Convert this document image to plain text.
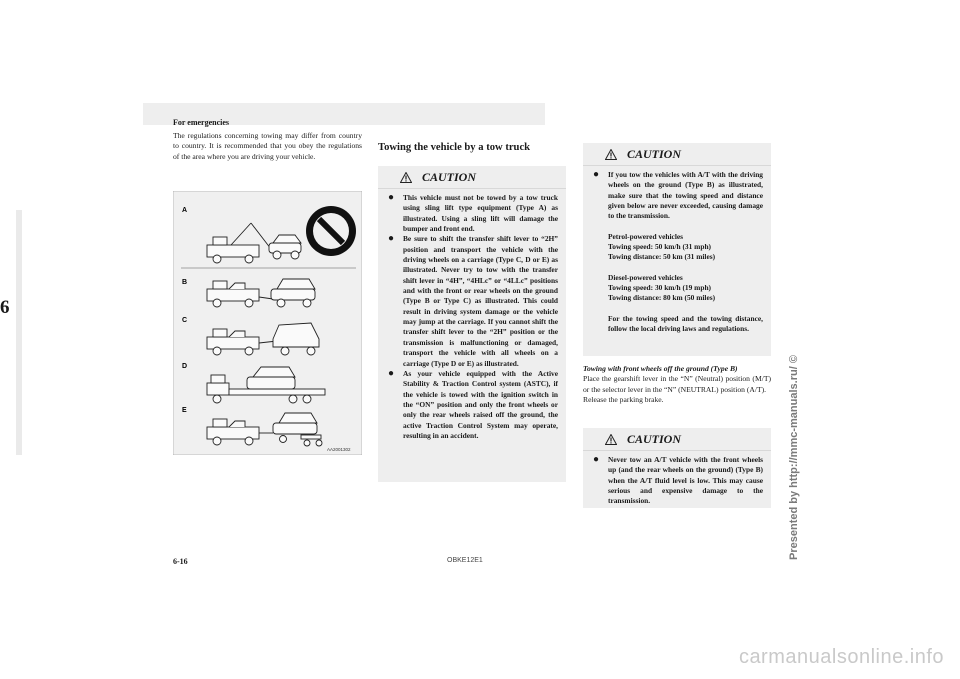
For emergencies
The regulations concerning towing may differ from country to country. It is recommended that you obey the regulations of the area where you are driving your vehicle.
A
B
C
D
E
AA2001302
Towing the vehicle by a tow truck
CAUTION
● This vehicle must not be towed by a tow truck using sling lift type equipment (Type A) as illustrated. Using a sling lift will damage the bumper and front end.
● Be sure to shift the transfer shift lever to “2H” position and transport the vehicle with the driving wheels on a carriage (Type C, D or E) as illustrated. Never try to tow with the transfer shift lever in “4H”, “4HLc” or “4LLc” positions and with the front or rear wheels on the ground (Type B or Type C) as illustrated. This could result in driving system damage or the vehicle may jump at the carriage. If you cannot shift the transfer shift lever to the “2H” position or the transmission is malfunctioning or damaged, transport the vehicle with all wheels on a carriage (Type D or E) as illustrated.
● As your vehicle equipped with the Active Stability & Traction Control system (ASTC), if the vehicle is towed with the ignition switch in the “ON” position and only the front wheels or only the rear wheels raised off the ground, the active Traction Control System may operate, resulting in an accident.
CAUTION
● If you tow the vehicles with A/T with the driving wheels on the ground (Type B) as illustrated, make sure that the towing speed and distance given below are never exceeded, causing damage to the transmission.
Petrol-powered vehicles
Towing speed: 50 km/h (31 mph)
Towing distance: 50 km (31 miles)
Diesel-powered vehicles
Towing speed: 30 km/h (19 mph)
Towing distance: 80 km (50 miles)
For the towing speed and the towing distance, follow the local driving laws and regulations.
Towing with front wheels off the ground (Type B)
Place the gearshift lever in the “N” (Neutral) position (M/T) or the selector lever in the “N” (NEUTRAL) position (A/T).
Release the parking brake.
CAUTION
● Never tow an A/T vehicle with the front wheels up (and the rear wheels on the ground) (Type B) when the A/T fluid level is low. This may cause serious and expensive damage to the transmission.
6
6-16	OBKE12E1
Presented by http://mmc-manuals.ru/ ©
carmanualsonline.info
